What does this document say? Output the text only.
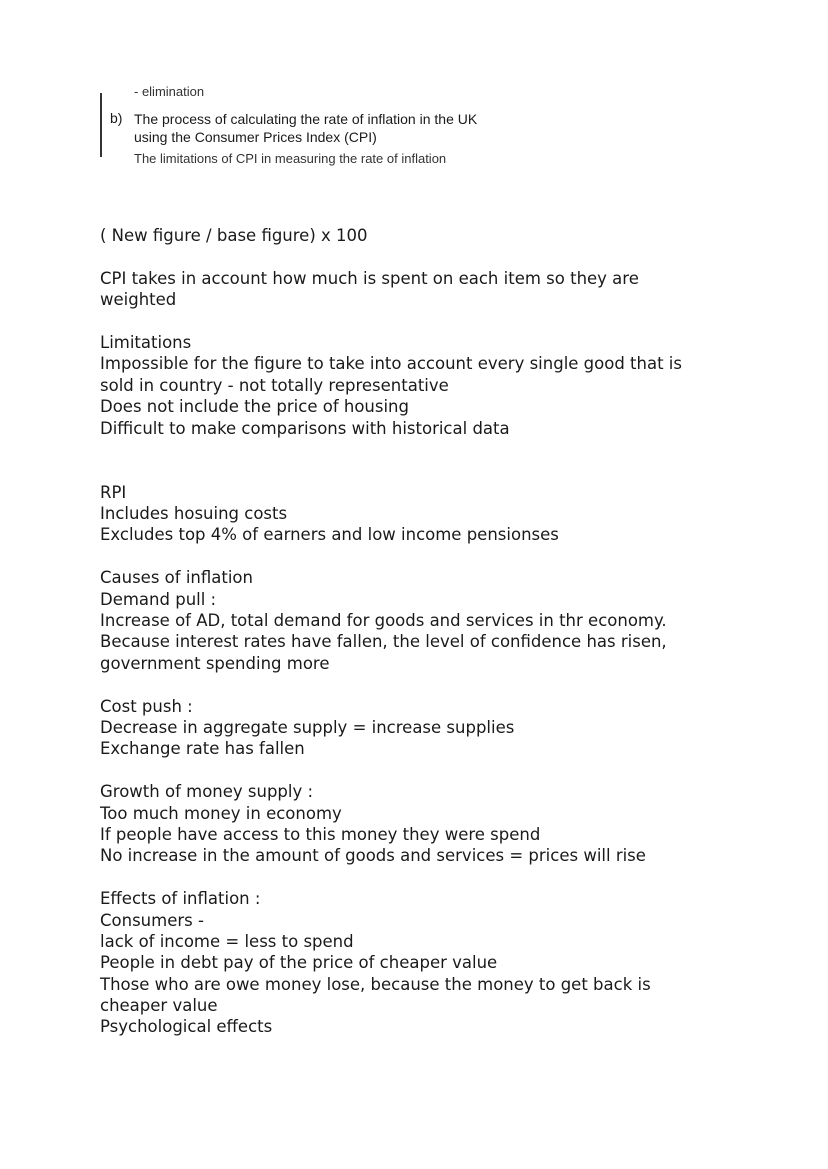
- elimination
b) The process of calculating the rate of inflation in the UK
using the Consumer Prices Index (CPI)
The limitations of CPI in measuring the rate of inflation
( New figure / base figure) x 100
CPI takes in account how much is spent on each item so they are
weighted
Limitations
Impossible for the figure to take into account every single good that is
sold in country - not totally representative
Does not include the price of housing
Difficult to make comparisons with historical data
RPI
Includes hosuing costs
Excludes top 4% of earners and low income pensionses
Causes of inflation
Demand pull :
Increase of AD, total demand for goods and services in thr economy.
Because interest rates have fallen, the level of confidence has risen,
government spending more
Cost push :
Decrease in aggregate supply = increase supplies
Exchange rate has fallen
Growth of money supply :
Too much money in economy
If people have access to this money they were spend
No increase in the amount of goods and services = prices will rise
Effects of inflation :
Consumers -
lack of income = less to spend
People in debt pay of the price of cheaper value
Those who are owe money lose, because the money to get back is
cheaper value
Psychological effects
